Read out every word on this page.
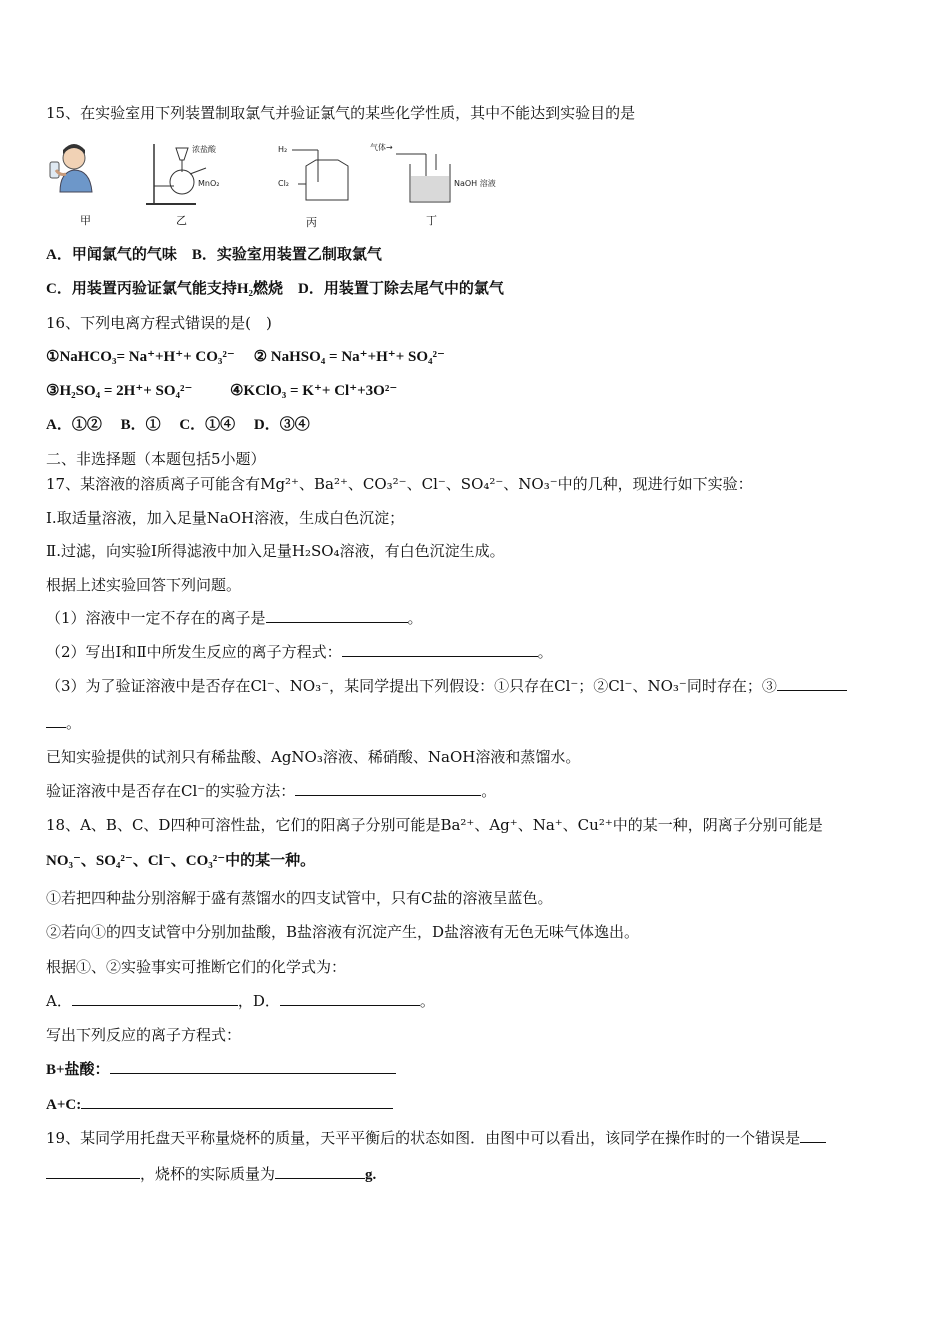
15、在实验室用下列装置制取氯气并验证氯气的某些化学性质，其中不能达到实验目的是
甲
浓盐酸
MnO₂
乙
H₂
Cl₂
丙
气体→
NaOH 溶液
丁
A．甲闻氯气的气味 B．实验室用装置乙制取氯气
C．用装置丙验证氯气能支持H₂燃烧 D．用装置丁除去尾气中的氯气
16、下列电离方程式错误的是(　)
①NaHCO₃= Na⁺+H⁺+ CO₃²⁻ ② NaHSO₄ = Na⁺+H⁺+ SO₄²⁻
③H₂SO₄ = 2H⁺+ SO₄²⁻	④KClO₃ = K⁺+ Cl⁺+3O²⁻
A．①②　 B．①　 C．①④　 D．③④
二、非选择题（本题包括5小题）
17、某溶液的溶质离子可能含有Mg²⁺、Ba²⁺、CO₃²⁻、Cl⁻、SO₄²⁻、NO₃⁻中的几种，现进行如下实验：
Ⅰ.取适量溶液，加入足量NaOH溶液，生成白色沉淀；
Ⅱ.过滤，向实验Ⅰ所得滤液中加入足量H₂SO₄溶液，有白色沉淀生成。
根据上述实验回答下列问题。
（1）溶液中一定不存在的离子是	。
（2）写出Ⅰ和Ⅱ中所发生反应的离子方程式：	。
（3）为了验证溶液中是否存在Cl⁻、NO₃⁻，某同学提出下列假设：①只存在Cl⁻；②Cl⁻、NO₃⁻同时存在；③
。
已知实验提供的试剂只有稀盐酸、AgNO₃溶液、稀硝酸、NaOH溶液和蒸馏水。
验证溶液中是否存在Cl⁻的实验方法：	。
18、A、B、C、D四种可溶性盐，它们的阳离子分别可能是Ba²⁺、Ag⁺、Na⁺、Cu²⁺中的某一种，阴离子分别可能是
NO₃⁻、SO₄²⁻、Cl⁻、CO₃²⁻中的某一种。
①若把四种盐分别溶解于盛有蒸馏水的四支试管中，只有C盐的溶液呈蓝色。
②若向①的四支试管中分别加盐酸，B盐溶液有沉淀产生，D盐溶液有无色无味气体逸出。
根据①、②实验事实可推断它们的化学式为：
A．	，D．	。
写出下列反应的离子方程式：
B+盐酸：
A+C:
19、某同学用托盘天平称量烧杯的质量，天平平衡后的状态如图．由图中可以看出，该同学在操作时的一个错误是
，烧杯的实际质量为	g.
